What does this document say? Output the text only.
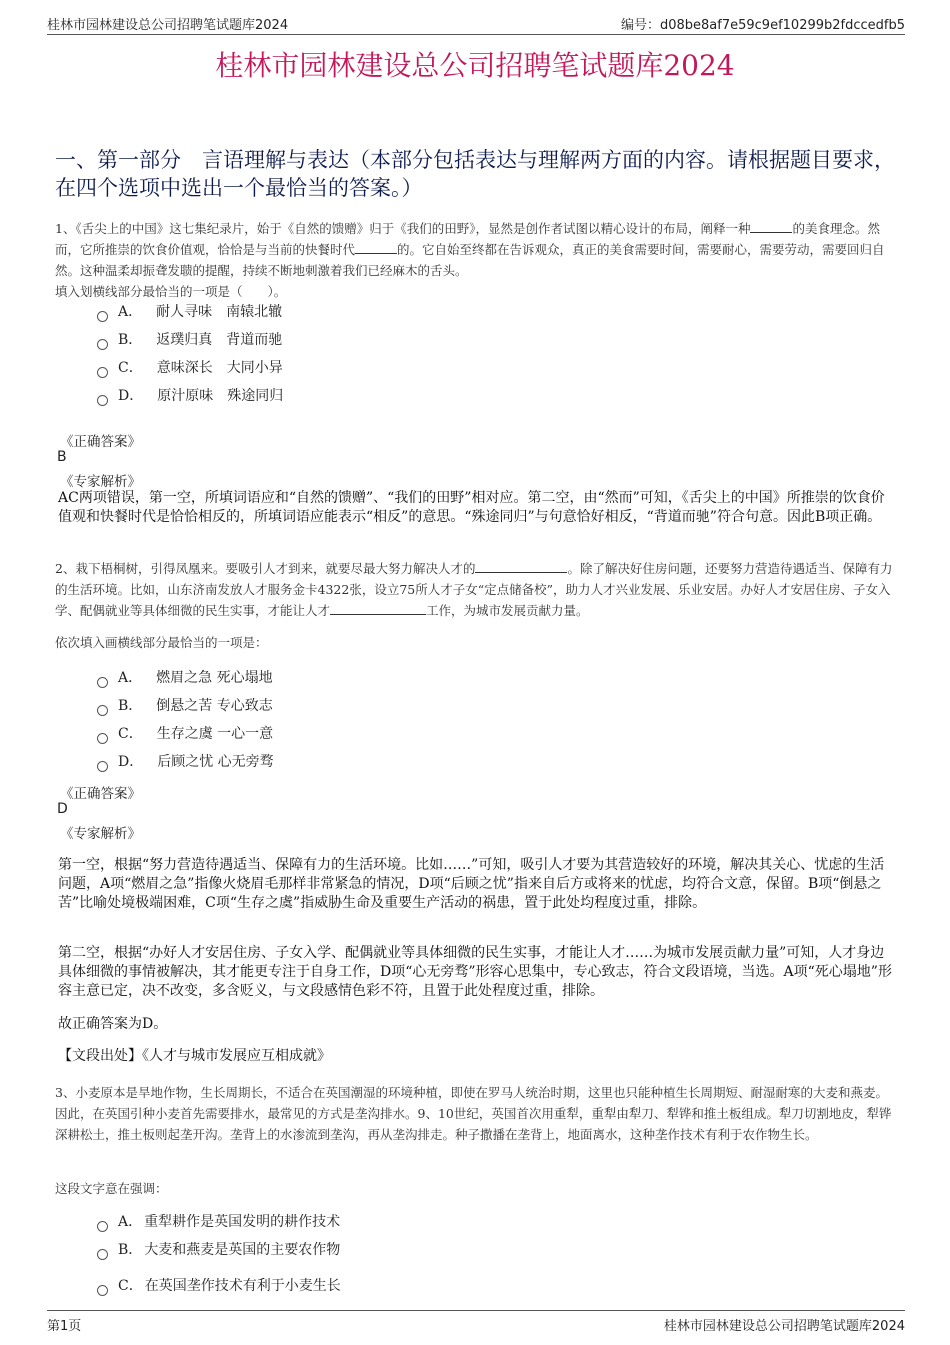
桂林市园林建设总公司招聘笔试题库2024	编号：d08be8af7e59c9ef10299b2fdccedfb5
桂林市园林建设总公司招聘笔试题库2024
一、第一部分　言语理解与表达（本部分包括表达与理解两方面的内容。请根据题目要求，在四个选项中选出一个最恰当的答案。）
1、《舌尖上的中国》这七集纪录片，始于《自然的馈赠》归于《我们的田野》，显然是创作者试图以精心设计的布局，阐释一种	的美食理念。然而，它所推崇的饮食价值观，恰恰是与当前的快餐时代	的。它自始至终都在告诉观众，真正的美食需要时间，需要耐心，需要劳动，需要回归自然。这种温柔却振聋发聩的提醒，持续不断地刺激着我们已经麻木的舌头。
填入划横线部分最恰当的一项是（　　）。
A． 耐人寻味　南辕北辙
B． 返璞归真　背道而驰
C． 意味深长　大同小异
D． 原汁原味　殊途同归
《正确答案》
B
《专家解析》
AC两项错误，第一空，所填词语应和“自然的馈赠”、“我们的田野”相对应。第二空，由“然而”可知，《舌尖上的中国》所推崇的饮食价值观和快餐时代是恰恰相反的，所填词语应能表示“相反”的意思。“殊途同归”与句意恰好相反，“背道而驰”符合句意。因此B项正确。
2、栽下梧桐树，引得凤凰来。要吸引人才到来，就要尽最大努力解决人才的	。除了解决好住房问题，还要努力营造待遇适当、保障有力的生活环境。比如，山东济南发放人才服务金卡4322张，设立75所人才子女“定点储备校”，助力人才兴业发展、乐业安居。办好人才安居住房、子女入学、配偶就业等具体细微的民生实事，才能让人才	工作，为城市发展贡献力量。
依次填入画横线部分最恰当的一项是：
A． 燃眉之急 死心塌地
B． 倒悬之苦 专心致志
C． 生存之虞 一心一意
D． 后顾之忧 心无旁骛
《正确答案》
D
《专家解析》
第一空，根据“努力营造待遇适当、保障有力的生活环境。比如……”可知，吸引人才要为其营造较好的环境，解决其关心、忧虑的生活问题，A项“燃眉之急”指像火烧眉毛那样非常紧急的情况，D项“后顾之忧”指来自后方或将来的忧虑，均符合文意，保留。B项“倒悬之苦”比喻处境极端困难，C项“生存之虞”指威胁生命及重要生产活动的祸患，置于此处均程度过重，排除。
第二空，根据“办好人才安居住房、子女入学、配偶就业等具体细微的民生实事，才能让人才……为城市发展贡献力量”可知，人才身边具体细微的事情被解决，其才能更专注于自身工作，D项“心无旁骛”形容心思集中，专心致志，符合文段语境，当选。A项“死心塌地”形容主意已定，决不改变，多含贬义，与文段感情色彩不符，且置于此处程度过重，排除。
故正确答案为D。
【文段出处】《人才与城市发展应互相成就》
3、小麦原本是旱地作物，生长周期长，不适合在英国潮湿的环境种植，即使在罗马人统治时期，这里也只能种植生长周期短、耐湿耐寒的大麦和燕麦。因此，在英国引种小麦首先需要排水，最常见的方式是垄沟排水。9、10世纪，英国首次用重犁，重犁由犁刀、犁铧和推土板组成。犁刀切割地皮，犁铧深耕松土，推土板则起垄开沟。垄背上的水渗流到垄沟，再从垄沟排走。种子撒播在垄背上，地面离水，这种垄作技术有利于农作物生长。
这段文字意在强调：
A． 重犁耕作是英国发明的耕作技术
B． 大麦和燕麦是英国的主要农作物
C． 在英国垄作技术有利于小麦生长
第1页	桂林市园林建设总公司招聘笔试题库2024
